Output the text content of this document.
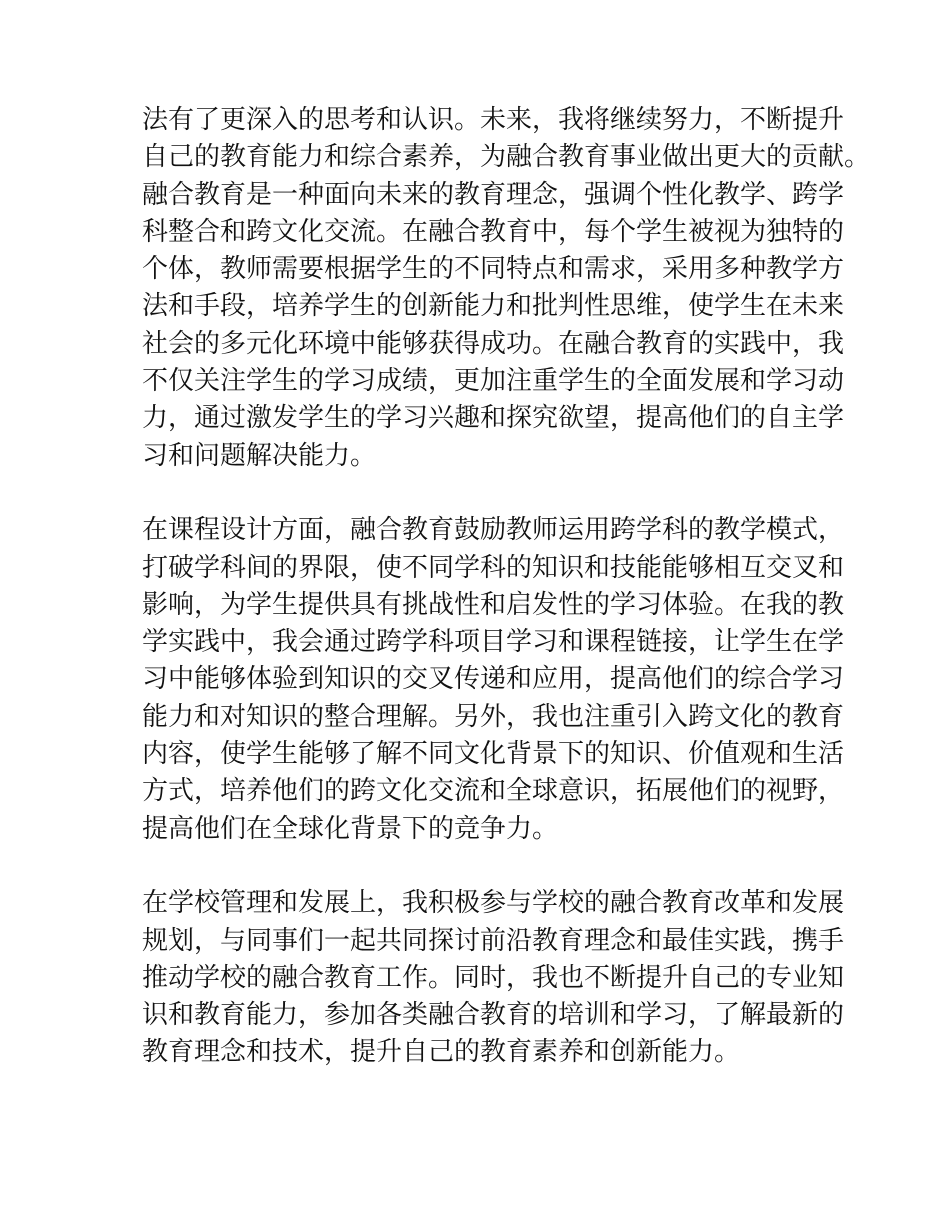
法有了更深入的思考和认识。未来，我将继续努力，不断提升
自己的教育能力和综合素养，为融合教育事业做出更大的贡献。
融合教育是一种面向未来的教育理念，强调个性化教学、跨学
科整合和跨文化交流。在融合教育中，每个学生被视为独特的
个体，教师需要根据学生的不同特点和需求，采用多种教学方
法和手段，培养学生的创新能力和批判性思维，使学生在未来
社会的多元化环境中能够获得成功。在融合教育的实践中，我
不仅关注学生的学习成绩，更加注重学生的全面发展和学习动
力，通过激发学生的学习兴趣和探究欲望，提高他们的自主学
习和问题解决能力。
在课程设计方面，融合教育鼓励教师运用跨学科的教学模式，
打破学科间的界限，使不同学科的知识和技能能够相互交叉和
影响，为学生提供具有挑战性和启发性的学习体验。在我的教
学实践中，我会通过跨学科项目学习和课程链接，让学生在学
习中能够体验到知识的交叉传递和应用，提高他们的综合学习
能力和对知识的整合理解。另外，我也注重引入跨文化的教育
内容，使学生能够了解不同文化背景下的知识、价值观和生活
方式，培养他们的跨文化交流和全球意识，拓展他们的视野，
提高他们在全球化背景下的竞争力。
在学校管理和发展上，我积极参与学校的融合教育改革和发展
规划，与同事们一起共同探讨前沿教育理念和最佳实践，携手
推动学校的融合教育工作。同时，我也不断提升自己的专业知
识和教育能力，参加各类融合教育的培训和学习，了解最新的
教育理念和技术，提升自己的教育素养和创新能力。
